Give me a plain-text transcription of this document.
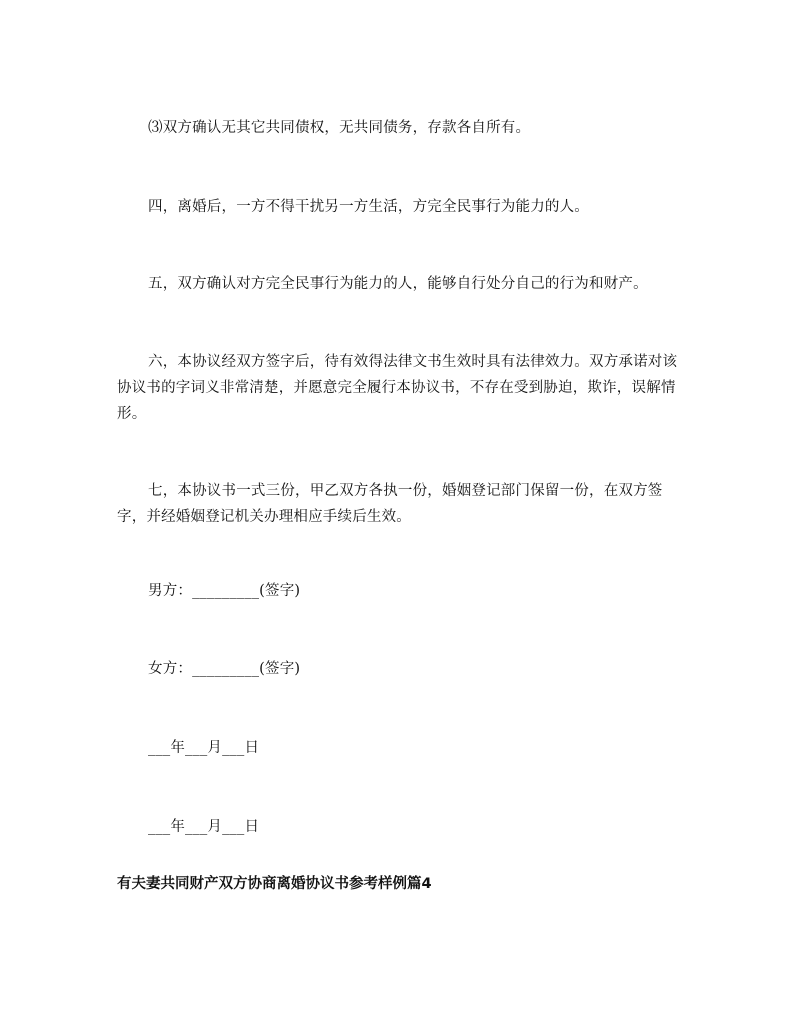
⑶双方确认无其它共同债权，无共同债务，存款各自所有。

四，离婚后，一方不得干扰另一方生活，方完全民事行为能力的人。

五，双方确认对方完全民事行为能力的人，能够自行处分自己的行为和财产。

六，本协议经双方签字后，待有效得法律文书生效时具有法律效力。双方承诺对该协议书的字词义非常清楚，并愿意完全履行本协议书，不存在受到胁迫，欺诈，误解情形。

七，本协议书一式三份，甲乙双方各执一份，婚姻登记部门保留一份，在双方签字，并经婚姻登记机关办理相应手续后生效。

男方：_________(签字)

女方：_________(签字)

___年___月___日

___年___月___日

有夫妻共同财产双方协商离婚协议书参考样例篇4
